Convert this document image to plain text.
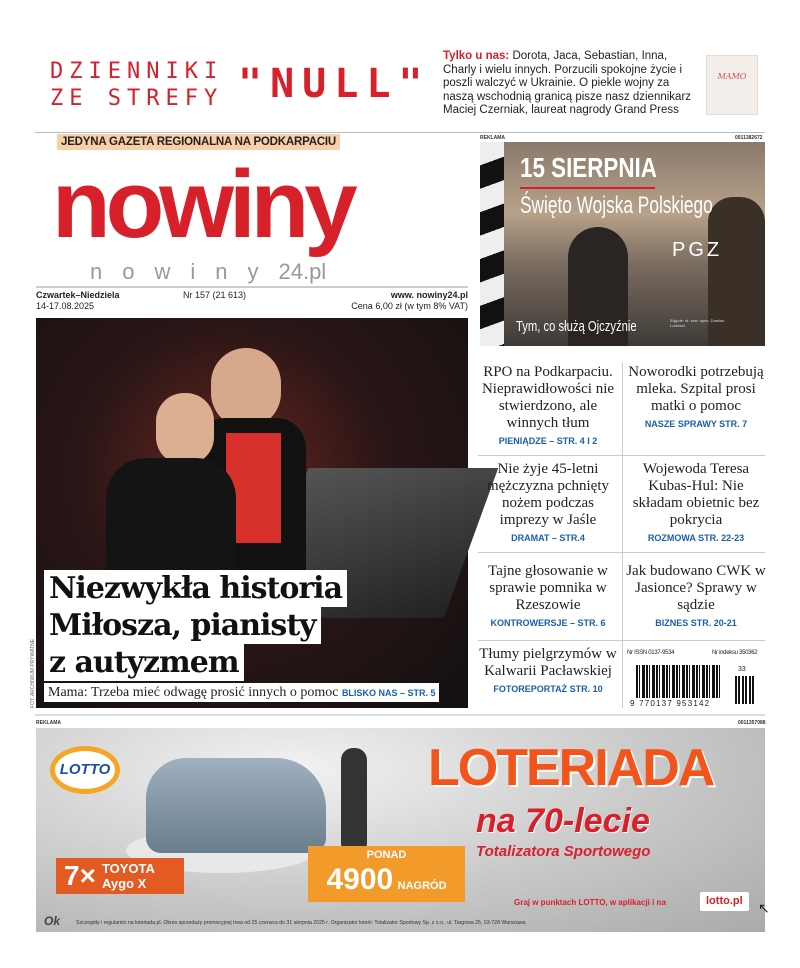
DZIENNIKI
ZE STREFY "NULL"
Tylko u nas: Dorota, Jaca, Sebastian, Inna, Charly i wielu innych. Porzucili spokojne życie i poszli walczyć w Ukrainie. O piekle wojny za naszą wschodnią granicą pisze nasz dziennikarz Maciej Czerniak, laureat nagrody Grand Press
MAMO
JEDYNA GAZETA REGIONALNA NA PODKARPACIU
nowiny
nowiny24.pl
Czwartek–Niedziela
14-17.08.2025
Nr 157 (21 613)	www. nowiny24.pl
Cena 6,00 zł (w tym 8% VAT)
REKLAMA	0011382672
15 SIERPNIA
Święto Wojska Polskiego
PGZ
Tym, co służą Ojczyźnie	Zdjęcie: st. szer. spec. Damian Lubiński
Niezwykła historia
Miłosza, pianisty
z autyzmem
Mama: Trzeba mieć odwagę prosić innych o pomoc BLISKO NAS – STR. 5
FOT. ARCHIWUM PRYWATNE
RPO na Podkarpaciu. Nieprawidłowości nie stwierdzono, ale winnych tłum
PIENIĄDZE – STR. 4 I 2
Noworodki potrzebują mleka. Szpital prosi matki o pomoc
NASZE SPRAWY STR. 7
Nie żyje 45-letni mężczyzna pchnięty nożem podczas imprezy w Jaśle
DRAMAT – STR.4
Wojewoda Teresa Kubas-Hul: Nie składam obietnic bez pokrycia
ROZMOWA STR. 22-23
Tajne głosowanie w sprawie pomnika w Rzeszowie
KONTROWERSJE – STR. 6
Jak budowano CWK w Jasionce? Sprawy w sądzie
BIZNES STR. 20-21
Tłumy pielgrzymów w Kalwarii Pacławskiej
FOTOREPORTAŻ STR. 10
Nr ISSN 0137-9534	Nr indeksu 350362
9 770137 953142
33
REKLAMA	0011357088
LOTTO
7× TOYOTA
Aygo X
PONAD
4900 NAGRÓD
LOTERIADA
na 70-lecie
Totalizatora Sportowego
Graj w punktach LOTTO, w aplikacji i na	lotto.pl	↖
Ok	Szczegóły i regulamin na loteriada.pl. Okres sprzedaży promocyjnej trwa od 25 czerwca do 31 sierpnia 2025 r. Organizator loterii: Totalizator Sportowy Sp. z o.o., ul. Targowa 25, 03-728 Warszawa.
